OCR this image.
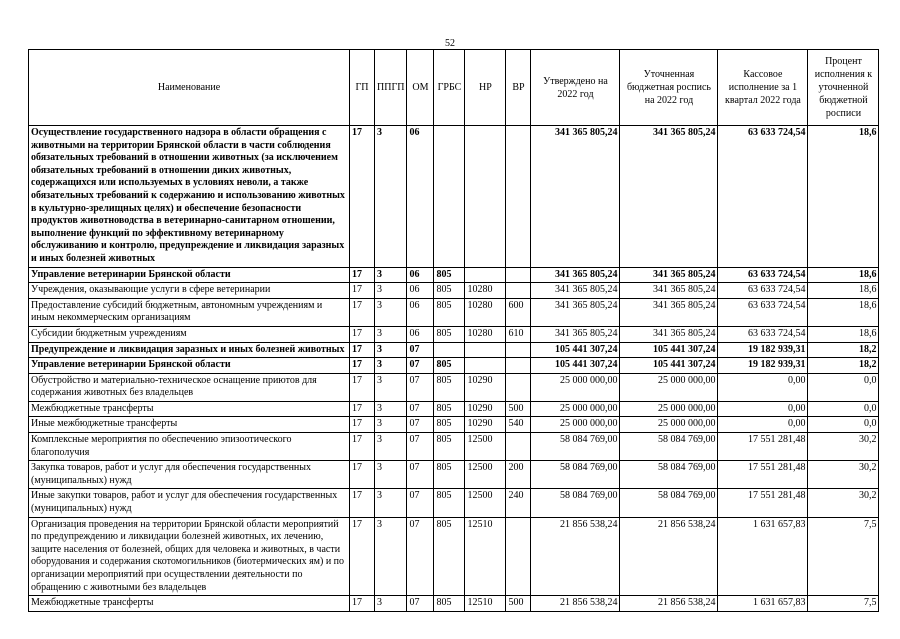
52
Наименование	ГП	ППГП	ОМ	ГРБС	НР	ВР	Утверждено на 2022 год	Уточненная бюджетная роспись на 2022 год	Кассовое исполнение за 1 квартал 2022 года	Процент исполнения к уточненной бюджетной росписи
Осуществление государственного надзора в области обращения с животными на территории Брянской области в части соблюдения обязательных требований в отношении животных (за исключением обязательных требований в отношении диких животных, содержащихся или используемых в условиях неволи, а также обязательных требований к содержанию и использованию животных в культурно-зрелищных целях) и обеспечение безопасности продуктов животноводства в ветеринарно-санитарном отношении, выполнение функций по эффективному ветеринарному обслуживанию и контролю, предупреждение и ликвидация заразных и иных болезней животных	17	3	06				341 365 805,24	341 365 805,24	63 633 724,54	18,6
Управление ветеринарии Брянской области	17	3	06	805			341 365 805,24	341 365 805,24	63 633 724,54	18,6
Учреждения, оказывающие услуги в сфере ветеринарии	17	3	06	805	10280		341 365 805,24	341 365 805,24	63 633 724,54	18,6
Предоставление субсидий бюджетным, автономным учреждениям и иным некоммерческим организациям	17	3	06	805	10280	600	341 365 805,24	341 365 805,24	63 633 724,54	18,6
Субсидии бюджетным учреждениям	17	3	06	805	10280	610	341 365 805,24	341 365 805,24	63 633 724,54	18,6
Предупреждение и ликвидация заразных и иных болезней животных	17	3	07				105 441 307,24	105 441 307,24	19 182 939,31	18,2
Управление ветеринарии Брянской области	17	3	07	805			105 441 307,24	105 441 307,24	19 182 939,31	18,2
Обустройство и материально-техническое оснащение приютов для содержания животных без владельцев	17	3	07	805	10290		25 000 000,00	25 000 000,00	0,00	0,0
Межбюджетные трансферты	17	3	07	805	10290	500	25 000 000,00	25 000 000,00	0,00	0,0
Иные межбюджетные трансферты	17	3	07	805	10290	540	25 000 000,00	25 000 000,00	0,00	0,0
Комплексные мероприятия по обеспечению эпизоотического благополучия	17	3	07	805	12500		58 084 769,00	58 084 769,00	17 551 281,48	30,2
Закупка товаров, работ и услуг для обеспечения государственных (муниципальных) нужд	17	3	07	805	12500	200	58 084 769,00	58 084 769,00	17 551 281,48	30,2
Иные закупки товаров, работ и услуг для обеспечения государственных (муниципальных) нужд	17	3	07	805	12500	240	58 084 769,00	58 084 769,00	17 551 281,48	30,2
Организация проведения на территории Брянской области мероприятий по предупреждению и ликвидации болезней животных, их лечению, защите населения от болезней, общих для человека и животных, в части оборудования и содержания скотомогильников (биотермических ям) и по организации мероприятий при осуществлении деятельности по обращению с животными без владельцев	17	3	07	805	12510		21 856 538,24	21 856 538,24	1 631 657,83	7,5
Межбюджетные трансферты	17	3	07	805	12510	500	21 856 538,24	21 856 538,24	1 631 657,83	7,5
